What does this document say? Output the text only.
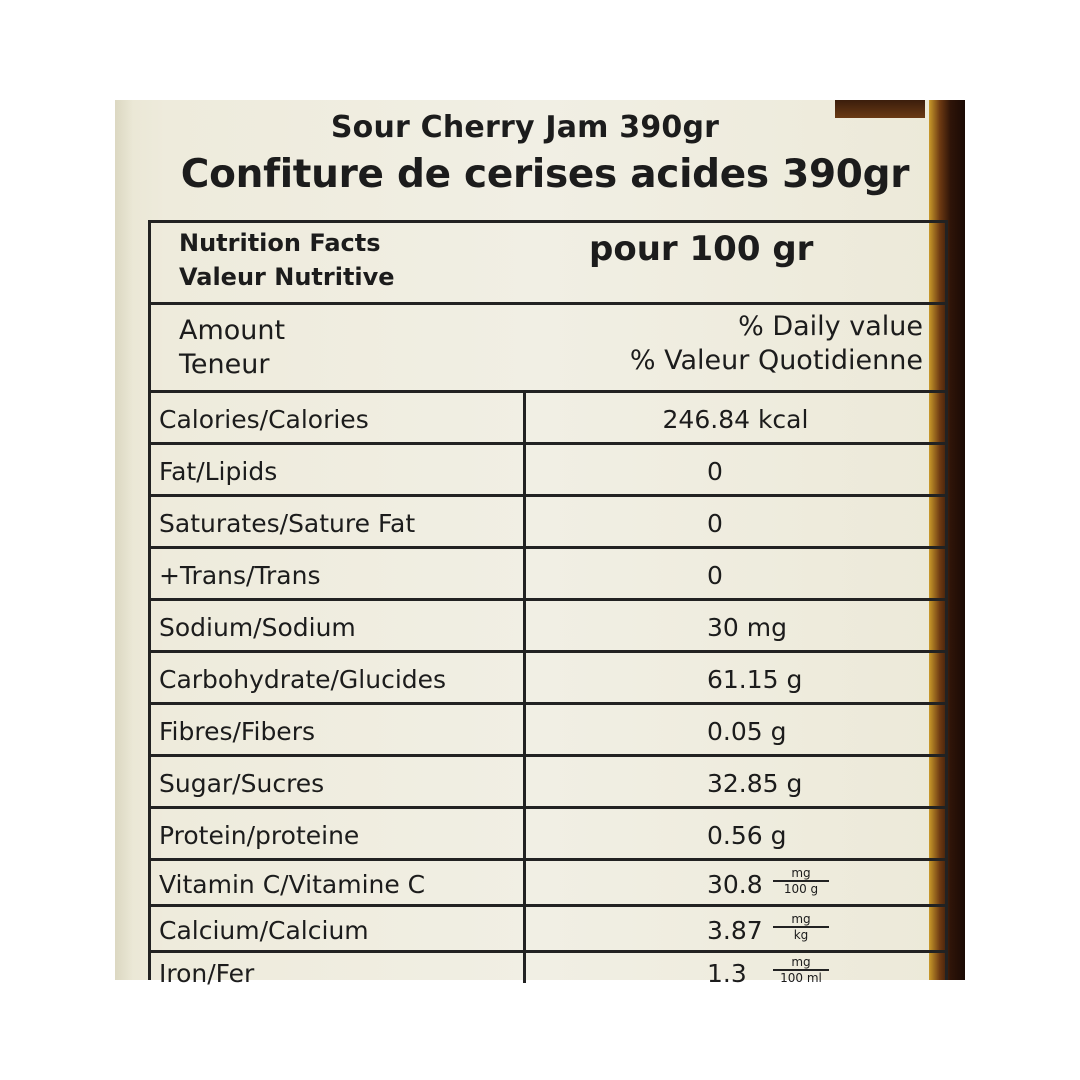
Sour Cherry Jam 390gr
Confiture de cerises acides 390gr
Nutrition Facts
Valeur Nutritive
pour 100 gr
Amount
Teneur
% Daily value
% Valeur Quotidienne
Calories/Calories	246.84 kcal
Fat/Lipids	0
Saturates/Sature Fat	0
+Trans/Trans	0
Sodium/Sodium	30 mg
Carbohydrate/Glucides	61.15 g
Fibres/Fibers	0.05 g
Sugar/Sucres	32.85 g
Protein/proteine	0.56 g
Vitamin C/Vitamine C	$30.8 \frac{mg}{100 g}$
Calcium/Calcium	$3.87 \frac{mg}{kg}$
Iron/Fer	$1.3 \frac{mg}{100 ml}$
